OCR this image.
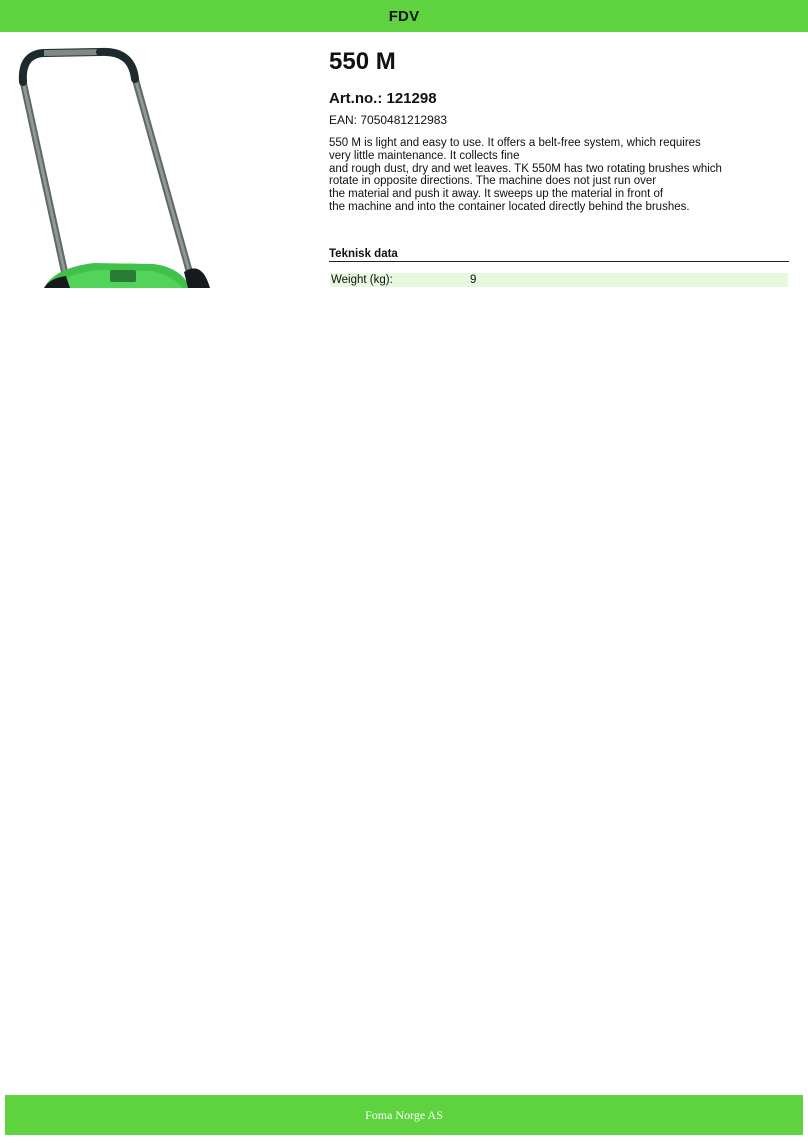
FDV
550 M
Art.no.: 121298
EAN: 7050481212983
550 M is light and easy to use. It offers a belt-free system, which requires
very little maintenance. It collects fine
and rough dust, dry and wet leaves. TK 550M has two rotating brushes which
rotate in opposite directions. The machine does not just run over
the material and push it away. It sweeps up the material in front of
the machine and into the container located directly behind the brushes.
Teknisk data
Weight (kg):	9
Foma Norge AS
